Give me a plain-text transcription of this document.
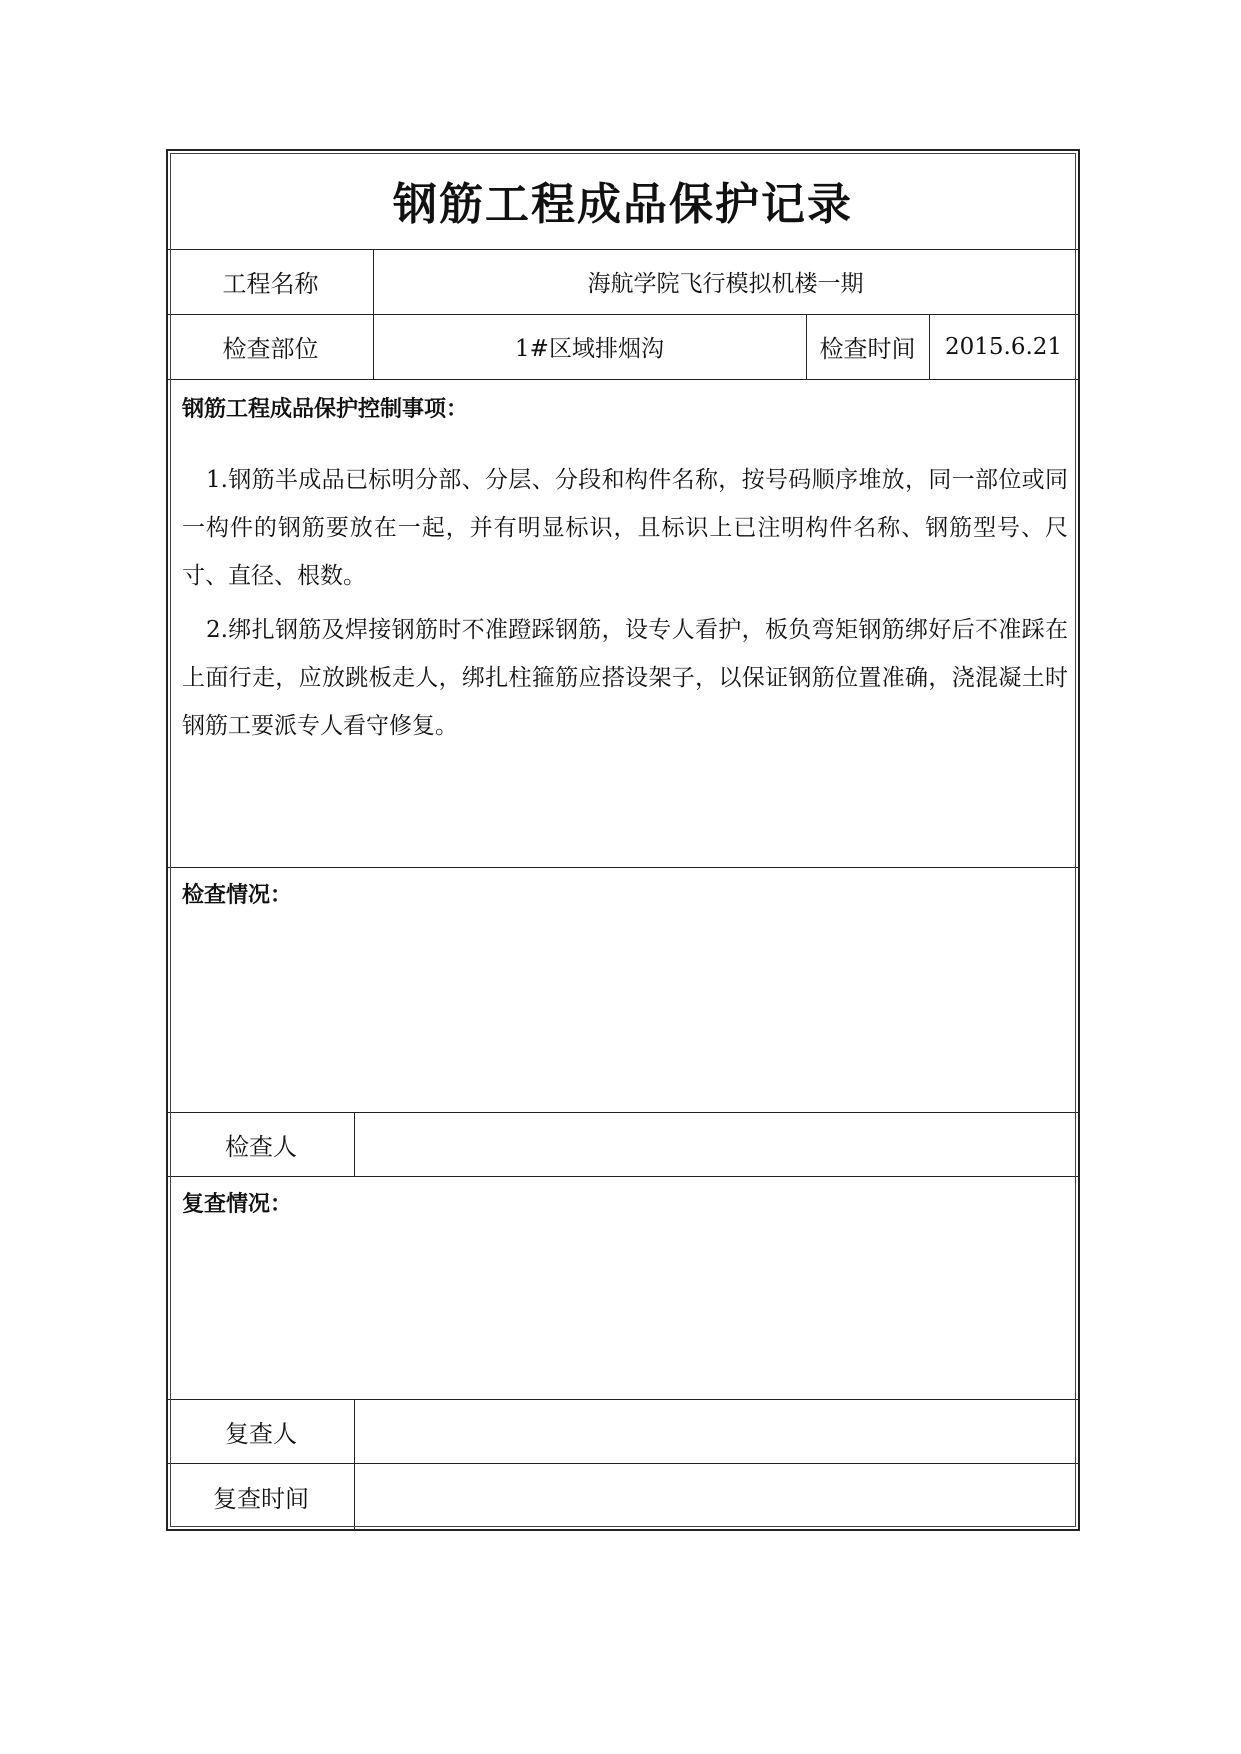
钢筋工程成品保护记录
工程名称	海航学院飞行模拟机楼一期
检查部位	1#区域排烟沟	检查时间	2015.6.21
钢筋工程成品保护控制事项：
1.钢筋半成品已标明分部、分层、分段和构件名称，按号码顺序堆放，同一部位或同一构件的钢筋要放在一起，并有明显标识，且标识上已注明构件名称、钢筋型号、尺寸、直径、根数。
2.绑扎钢筋及焊接钢筋时不准蹬踩钢筋，设专人看护，板负弯矩钢筋绑好后不准踩在上面行走，应放跳板走人，绑扎柱箍筋应搭设架子，以保证钢筋位置准确，浇混凝土时钢筋工要派专人看守修复。
检查情况：
检查人
复查情况：
复查人
复查时间
